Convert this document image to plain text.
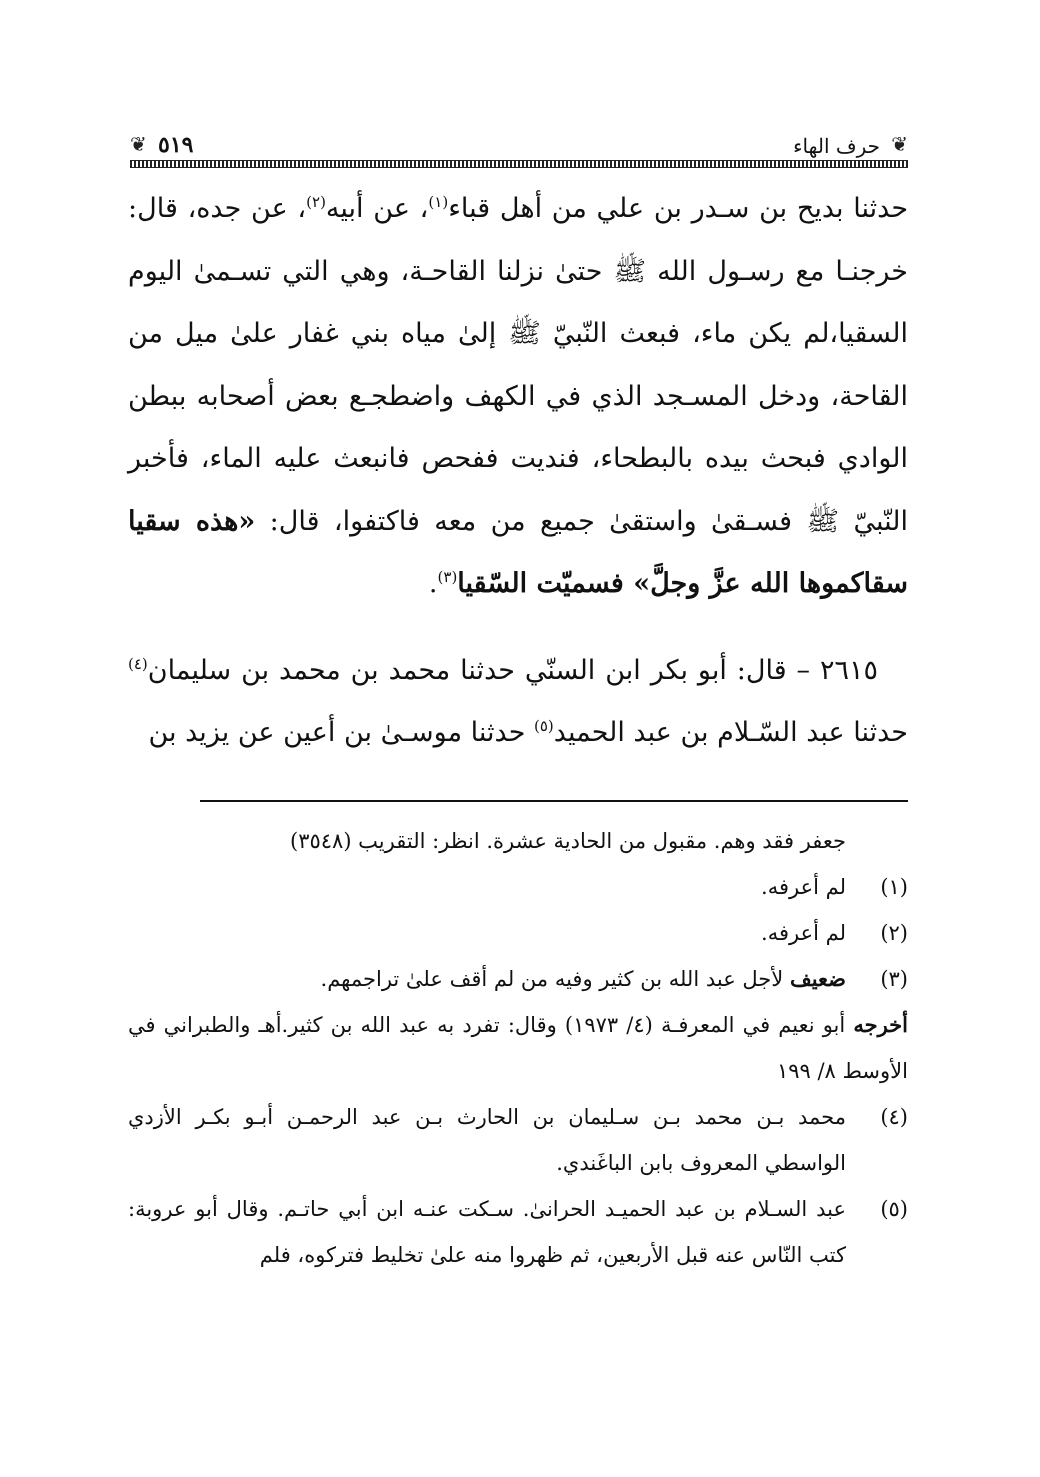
❦ ٥١٩	حرف الهاء ❦

حدثنا بديح بن سـدر بن علي من أهل قباء$^{(١)}$، عن أبيه$^{(٢)}$، عن جده، قال: خرجنـا مع رسـول الله ﷺ حتىٰ نزلنا القاحـة، وهي التي تسـمىٰ اليوم السقيا،لم يكن ماء، فبعث النّبيّ ﷺ إلىٰ مياه بني غفار علىٰ ميل من القاحة، ودخل المسـجد الذي في الكهف واضطجـع بعض أصحابه ببطن الوادي فبحث بيده بالبطحاء، فنديت ففحص فانبعث عليه الماء، فأخبر النّبيّ ﷺ فسـقىٰ واستقىٰ جميع من معه فاكتفوا، قال: «هذه سقيا سقاكموها الله عزَّ وجلَّ» فسميّت السّقيا$^{(٣)}$.

٢٦١٥ – قال: أبو بكر ابن السنّي حدثنا محمد بن محمد بن سليمان$^{(٤)}$ حدثنا عبد السّـلام بن عبد الحميد$^{(٥)}$ حدثنا موسـىٰ بن أعين عن يزيد بن

جعفر فقد وهم. مقبول من الحادية عشرة. انظر: التقريب (٣٥٤٨)
(١)
لم أعرفه.
(٢)
لم أعرفه.
(٣)
ضعيف لأجل عبد الله بن كثير وفيه من لم أقف علىٰ تراجمهم.
أخرجه أبو نعيم في المعرفـة (٤/ ١٩٧٣) وقال: تفرد به عبد الله بن كثير.أهـ والطبراني في الأوسط ٨/ ١٩٩
(٤)
محمد بـن محمد بـن سـليمان بن الحارث بـن عبد الرحمـن أبـو بكـر الأزدي الواسطي المعروف بابن الباغَندي.
(٥)
عبد السـلام بن عبد الحميـد الحرانىٰ. سـكت عنـه ابن أبي حاتـم. وقال أبو عروبة: كتب النّاس عنه قبل الأربعين، ثم ظهروا منه علىٰ تخليط فتركوه، فلم
